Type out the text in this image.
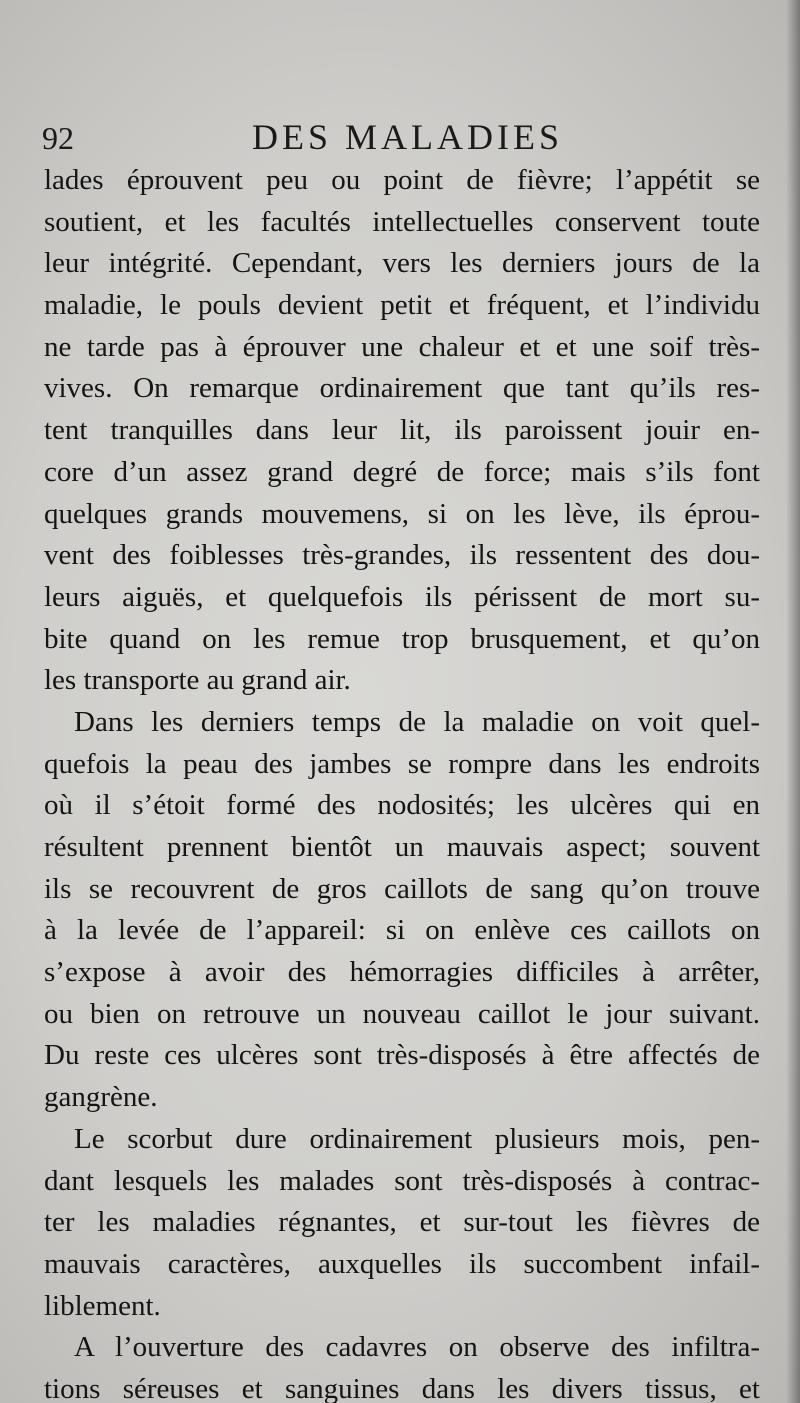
92	DES MALADIES
lades éprouvent peu ou point de fièvre; l’appétit se
soutient, et les facultés intellectuelles conservent toute
leur intégrité. Cependant, vers les derniers jours de la
maladie, le pouls devient petit et fréquent, et l’individu
ne tarde pas à éprouver une chaleur et et une soif très-
vives. On remarque ordinairement que tant qu’ils res-
tent tranquilles dans leur lit, ils paroissent jouir en-
core d’un assez grand degré de force; mais s’ils font
quelques grands mouvemens, si on les lève, ils éprou-
vent des foiblesses très-grandes, ils ressentent des dou-
leurs aiguës, et quelquefois ils périssent de mort su-
bite quand on les remue trop brusquement, et qu’on
les transporte au grand air.
Dans les derniers temps de la maladie on voit quel-
quefois la peau des jambes se rompre dans les endroits
où il s’étoit formé des nodosités; les ulcères qui en
résultent prennent bientôt un mauvais aspect; souvent
ils se recouvrent de gros caillots de sang qu’on trouve
à la levée de l’appareil: si on enlève ces caillots on
s’expose à avoir des hémorragies difficiles à arrêter,
ou bien on retrouve un nouveau caillot le jour suivant.
Du reste ces ulcères sont très-disposés à être affectés de
gangrène.
Le scorbut dure ordinairement plusieurs mois, pen-
dant lesquels les malades sont très-disposés à contrac-
ter les maladies régnantes, et sur-tout les fièvres de
mauvais caractères, auxquelles ils succombent infail-
liblement.
A l’ouverture des cadavres on observe des infiltra-
tions séreuses et sanguines dans les divers tissus, et
